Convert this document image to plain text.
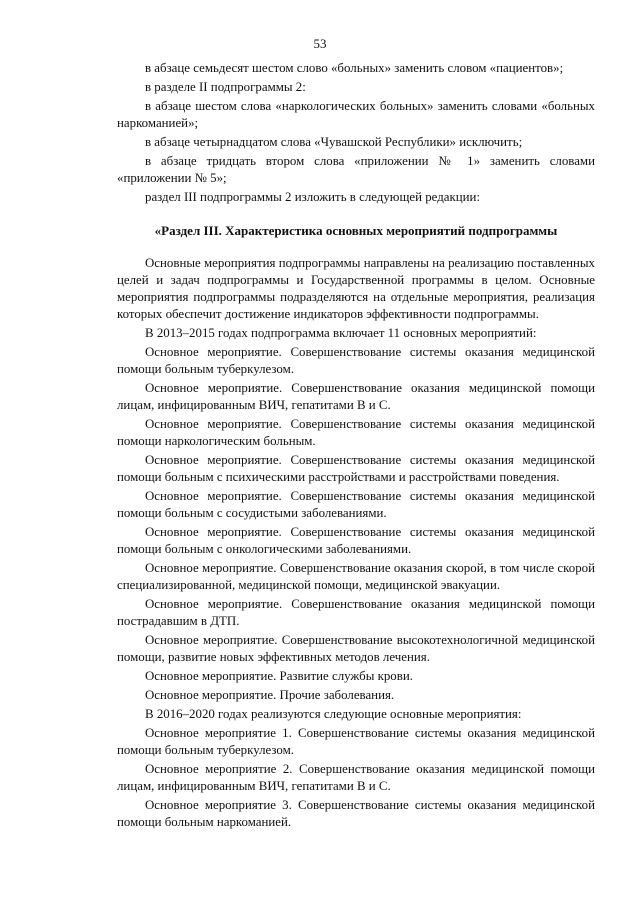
53

в абзаце семьдесят шестом слово «больных» заменить словом «пациентов»;

в разделе II подпрограммы 2:

в абзаце шестом слова «наркологических больных» заменить словами «больных наркоманией»;

в абзаце четырнадцатом слова «Чувашской Республики» исключить;

в абзаце тридцать втором слова «приложении № 1» заменить словами «приложении № 5»;

раздел III подпрограммы 2 изложить в следующей редакции:

«Раздел III. Характеристика основных мероприятий подпрограммы

Основные мероприятия подпрограммы направлены на реализацию поставленных целей и задач подпрограммы и Государственной программы в целом. Основные мероприятия подпрограммы подразделяются на отдельные мероприятия, реализация которых обеспечит достижение индикаторов эффективности подпрограммы.

В 2013–2015 годах подпрограмма включает 11 основных мероприятий:

Основное мероприятие. Совершенствование системы оказания медицинской помощи больным туберкулезом.

Основное мероприятие. Совершенствование оказания медицинской помощи лицам, инфицированным ВИЧ, гепатитами В и С.

Основное мероприятие. Совершенствование системы оказания медицинской помощи наркологическим больным.

Основное мероприятие. Совершенствование системы оказания медицинской помощи больным с психическими расстройствами и расстройствами поведения.

Основное мероприятие. Совершенствование системы оказания медицинской помощи больным с сосудистыми заболеваниями.

Основное мероприятие. Совершенствование системы оказания медицинской помощи больным с онкологическими заболеваниями.

Основное мероприятие. Совершенствование оказания скорой, в том числе скорой специализированной, медицинской помощи, медицинской эвакуации.

Основное мероприятие. Совершенствование оказания медицинской помощи пострадавшим в ДТП.

Основное мероприятие. Совершенствование высокотехнологичной медицинской помощи, развитие новых эффективных методов лечения.

Основное мероприятие. Развитие службы крови.

Основное мероприятие. Прочие заболевания.

В 2016–2020 годах реализуются следующие основные мероприятия:

Основное мероприятие 1. Совершенствование системы оказания медицинской помощи больным туберкулезом.

Основное мероприятие 2. Совершенствование оказания медицинской помощи лицам, инфицированным ВИЧ, гепатитами В и С.

Основное мероприятие 3. Совершенствование системы оказания медицинской помощи больным наркоманией.
